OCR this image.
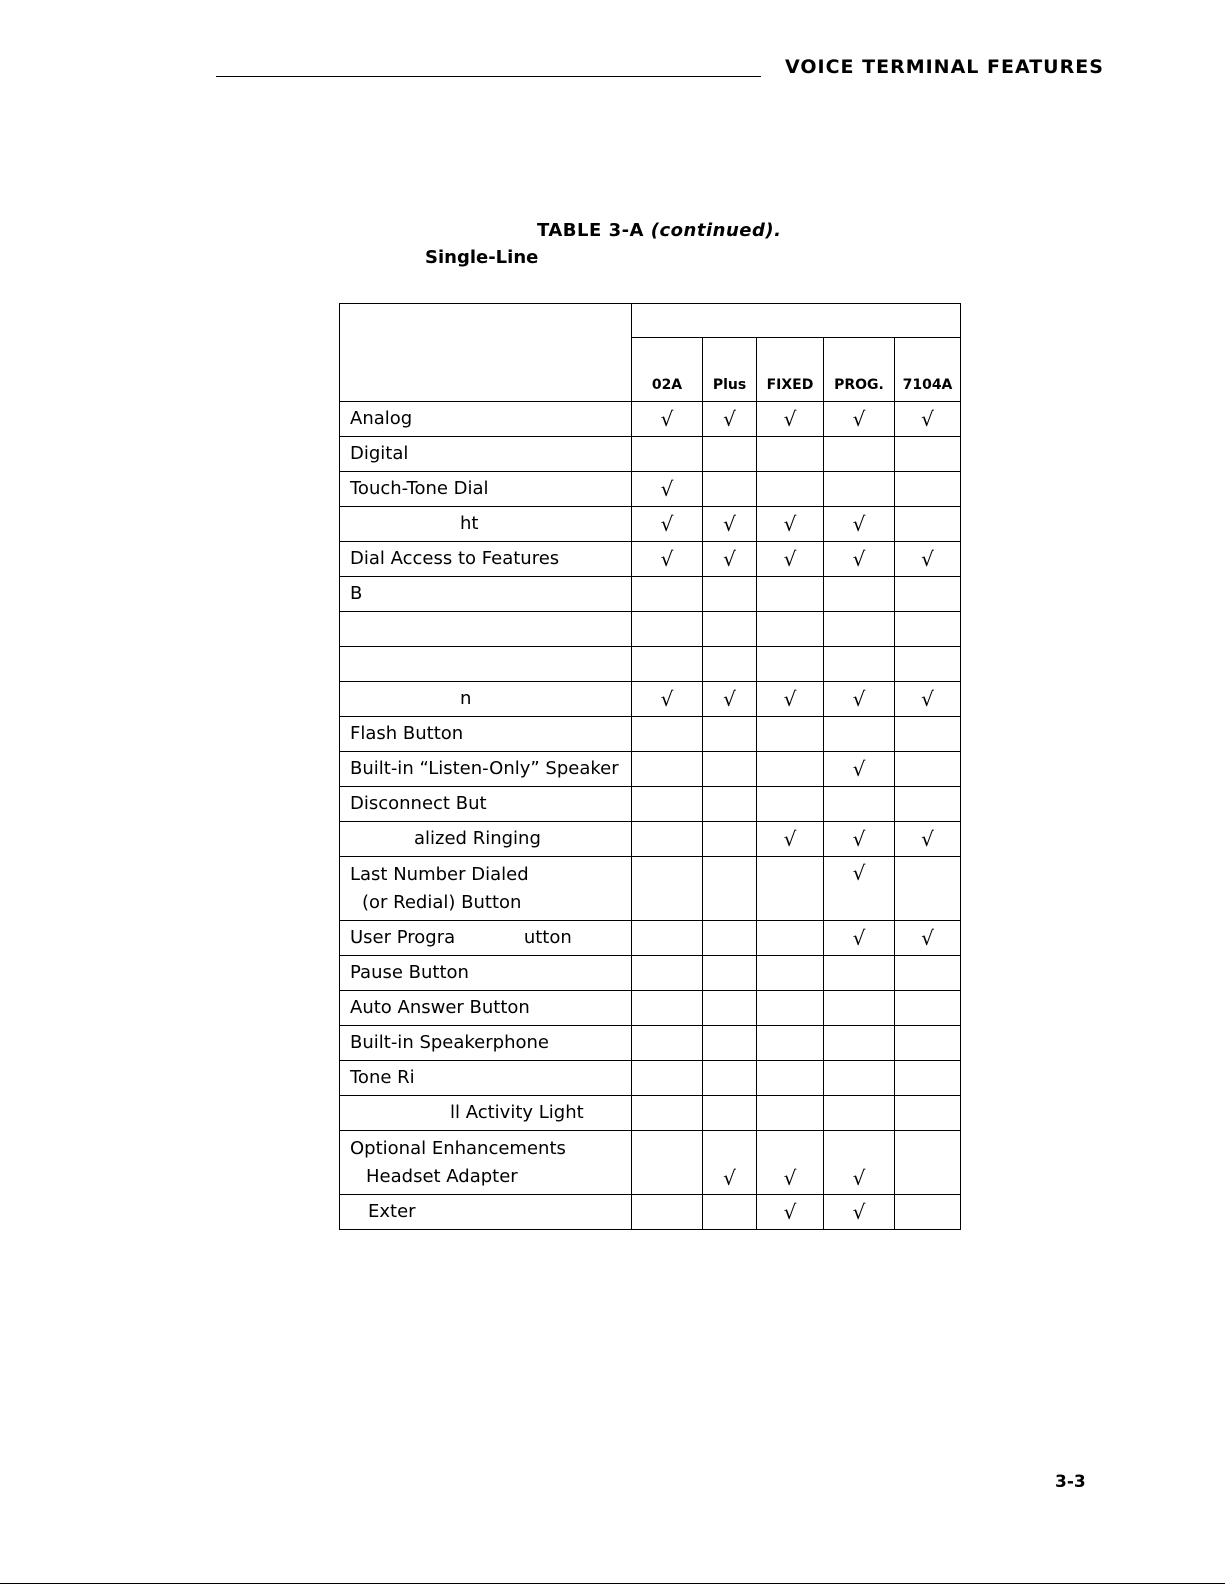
VOICE TERMINAL FEATURES
TABLE 3-A (continued).
Single-Line

	02A	Plus	FIXED	PROG.	7104A

Analog	√	√	√	√	√

Digital					

Touch-Tone Dial	√				

ht	√	√	√	√	

Dial Access to Features	√	√	√	√	√

B					

n	√	√	√	√	√

Flash Button					

Built-in “Listen-Only” Speaker				√	

Disconnect But					

alized Ringing			√	√	√

Last Number Dialed
(or Redial) Button				√	

User Progra            utton				√	√

Pause Button					

Auto Answer Button					

Built-in Speakerphone					

Tone Ri					

ll Activity Light					

Optional Enhancements
Headset Adapter		√	√	√	

Exter			√	√	
3-3
